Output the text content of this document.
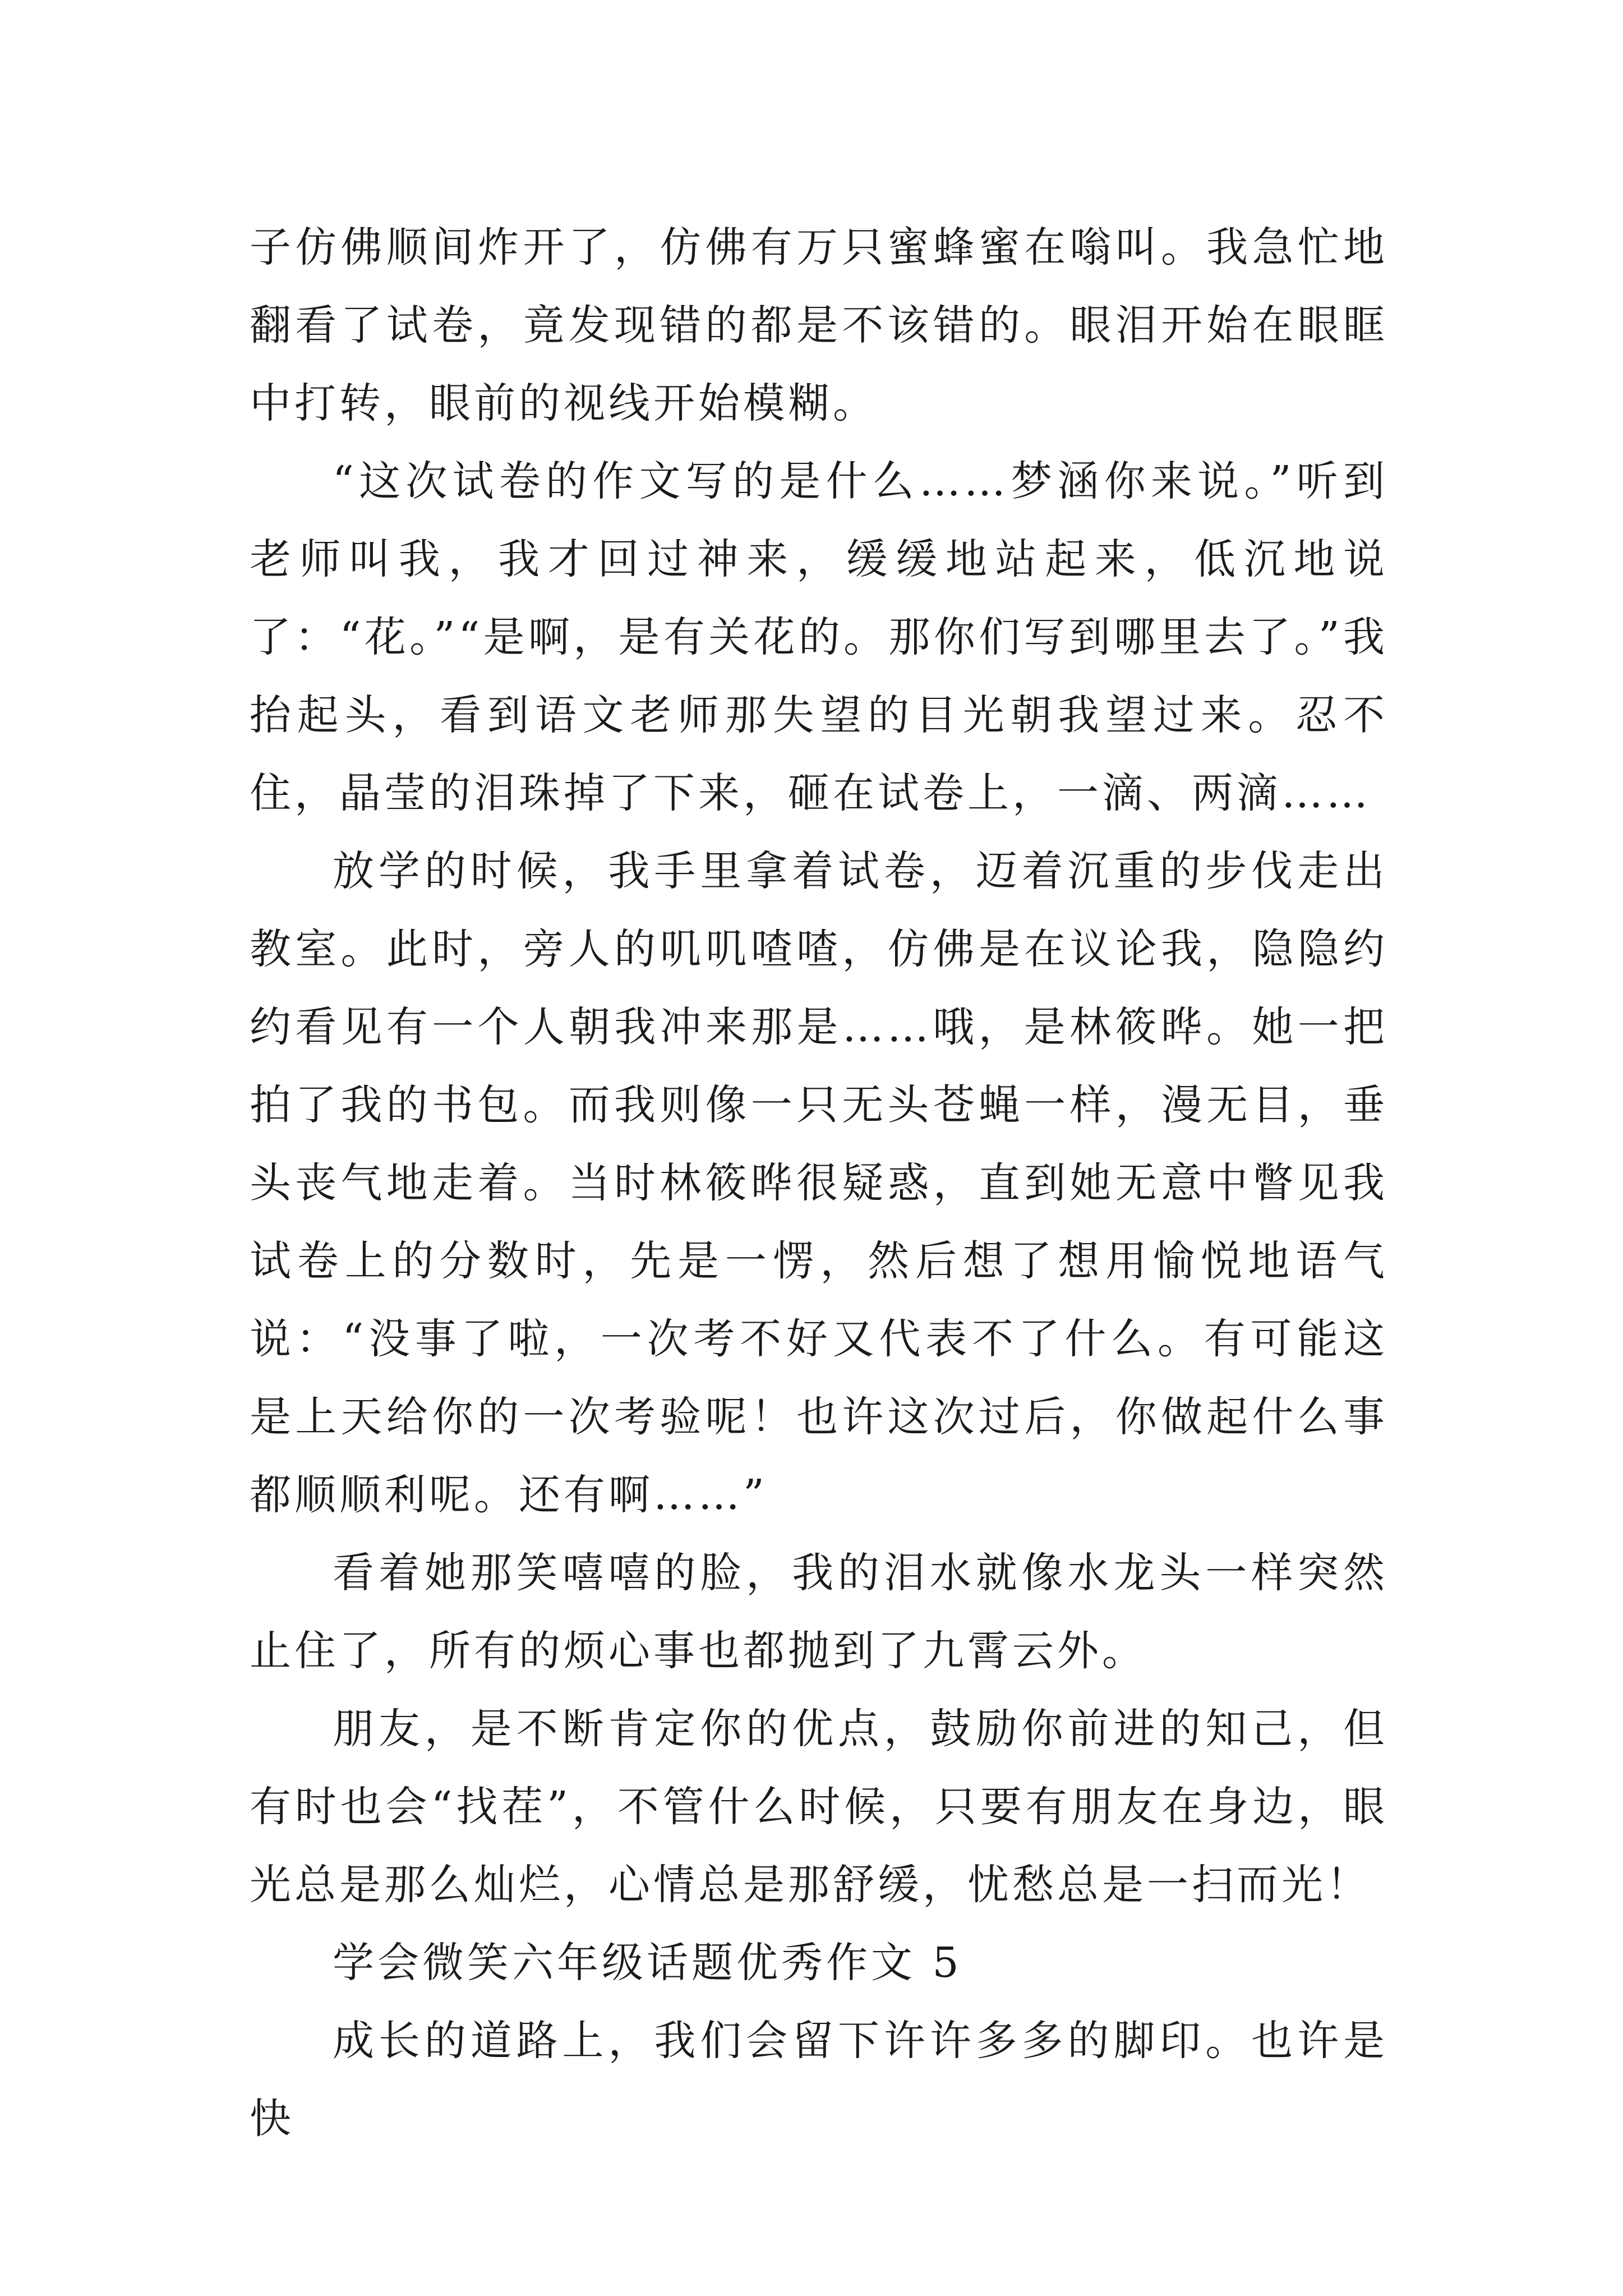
子仿佛顺间炸开了，仿佛有万只蜜蜂蜜在嗡叫。我急忙地翻看了试卷，竟发现错的都是不该错的。眼泪开始在眼眶中打转，眼前的视线开始模糊。

“这次试卷的作文写的是什么……梦涵你来说。”听到老师叫我，我才回过神来，缓缓地站起来，低沉地说了：“花。”“是啊，是有关花的。那你们写到哪里去了。”我抬起头，看到语文老师那失望的目光朝我望过来。忍不住，晶莹的泪珠掉了下来，砸在试卷上，一滴、两滴……

放学的时候，我手里拿着试卷，迈着沉重的步伐走出教室。此时，旁人的叽叽喳喳，仿佛是在议论我，隐隐约约看见有一个人朝我冲来那是……哦，是林筱晔。她一把拍了我的书包。而我则像一只无头苍蝇一样，漫无目，垂头丧气地走着。当时林筱晔很疑惑，直到她无意中瞥见我试卷上的分数时，先是一愣，然后想了想用愉悦地语气说：“没事了啦，一次考不好又代表不了什么。有可能这是上天给你的一次考验呢！也许这次过后，你做起什么事都顺顺利呢。还有啊……”

看着她那笑嘻嘻的脸，我的泪水就像水龙头一样突然止住了，所有的烦心事也都抛到了九霄云外。

朋友，是不断肯定你的优点，鼓励你前进的知己，但有时也会“找茬”，不管什么时候，只要有朋友在身边，眼光总是那么灿烂，心情总是那舒缓，忧愁总是一扫而光！

学会微笑六年级话题优秀作文 5

成长的道路上，我们会留下许许多多的脚印。也许是快
